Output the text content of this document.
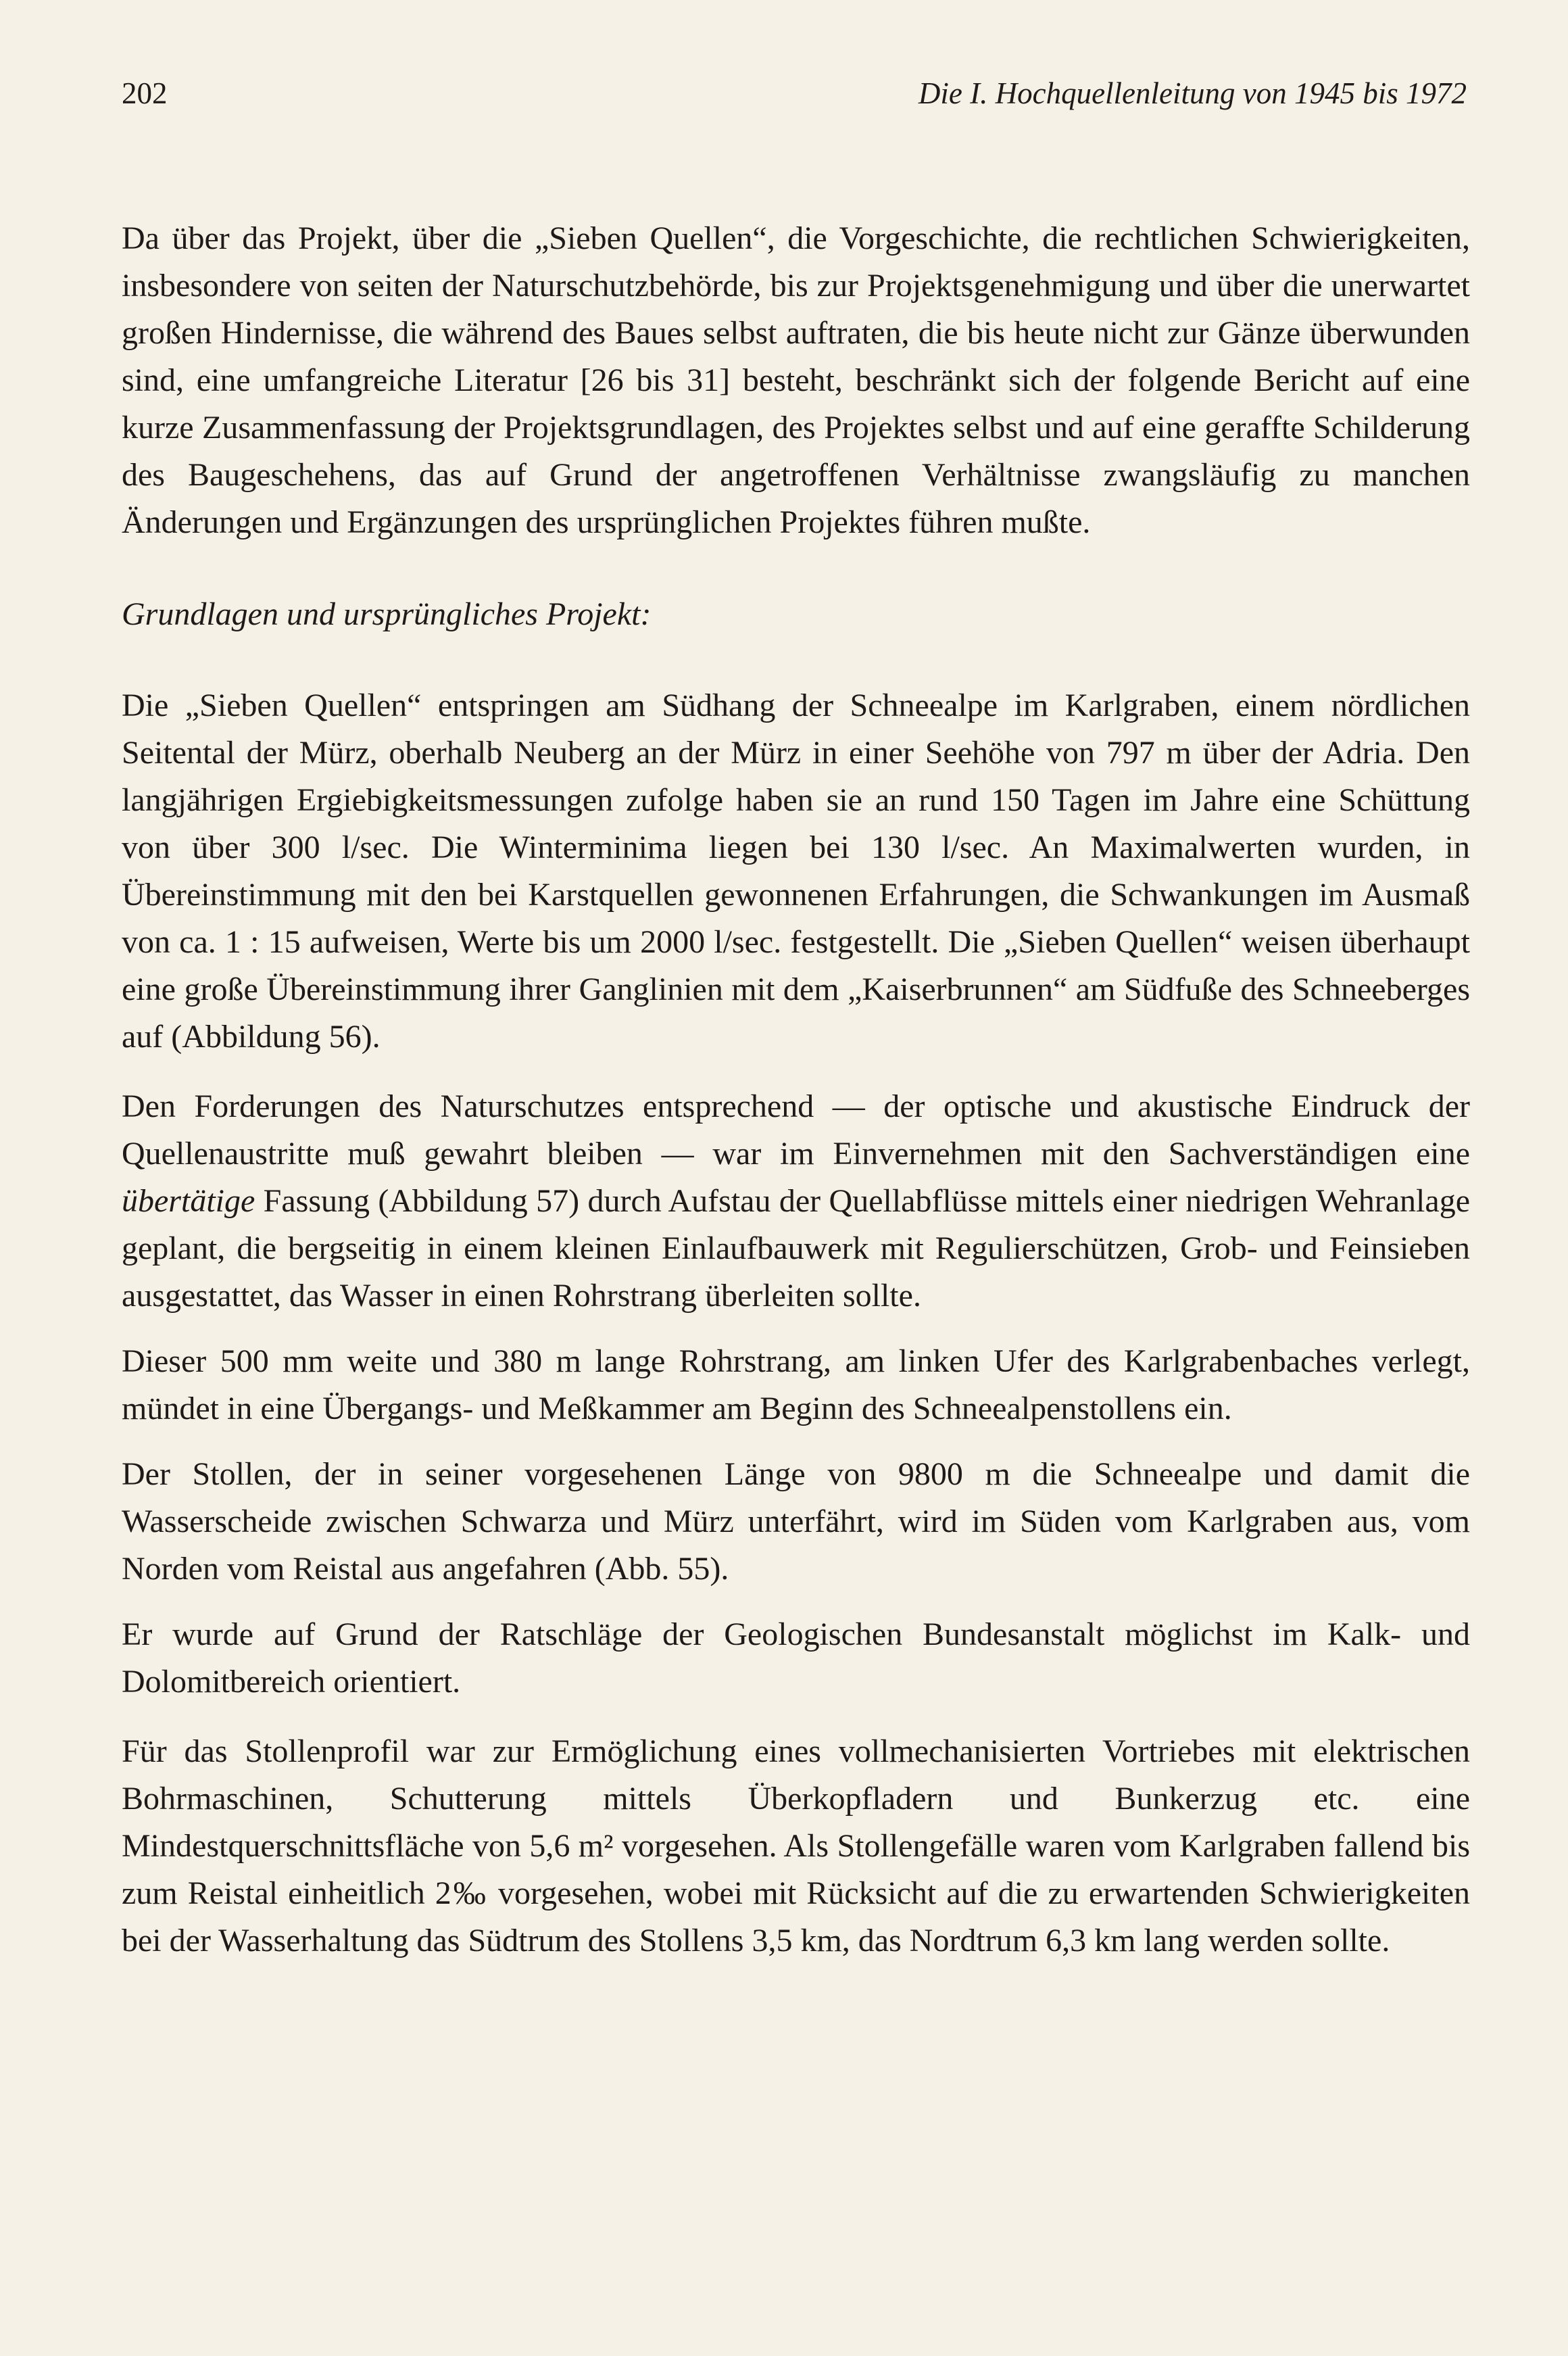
202	Die I. Hochquellenleitung von 1945 bis 1972

Da über das Projekt, über die „Sieben Quellen“, die Vorgeschichte, die rechtlichen Schwierigkeiten, insbesondere von seiten der Naturschutzbehörde, bis zur Projektsgenehmigung und über die unerwartet großen Hindernisse, die während des Baues selbst auftraten, die bis heute nicht zur Gänze überwunden sind, eine umfangreiche Literatur [26 bis 31] besteht, beschränkt sich der folgende Bericht auf eine kurze Zusammenfassung der Projektsgrundlagen, des Projektes selbst und auf eine geraffte Schilderung des Baugeschehens, das auf Grund der angetroffenen Verhältnisse zwangsläufig zu manchen Änderungen und Ergänzungen des ursprünglichen Projektes führen mußte.

Grundlagen und ursprüngliches Projekt:

Die „Sieben Quellen“ entspringen am Südhang der Schneealpe im Karlgraben, einem nördlichen Seitental der Mürz, oberhalb Neuberg an der Mürz in einer Seehöhe von 797 m über der Adria. Den langjährigen Ergiebigkeitsmessungen zufolge haben sie an rund 150 Tagen im Jahre eine Schüttung von über 300 l/sec. Die Winterminima liegen bei 130 l/sec. An Maximalwerten wurden, in Übereinstimmung mit den bei Karstquellen gewonnenen Erfahrungen, die Schwankungen im Ausmaß von ca. 1 : 15 aufweisen, Werte bis um 2000 l/sec. festgestellt. Die „Sieben Quellen“ weisen überhaupt eine große Übereinstimmung ihrer Ganglinien mit dem „Kaiserbrunnen“ am Südfuße des Schneeberges auf (Abbildung 56).

Den Forderungen des Naturschutzes entsprechend — der optische und akustische Eindruck der Quellenaustritte muß gewahrt bleiben — war im Einvernehmen mit den Sachverständigen eine übertätige Fassung (Abbildung 57) durch Aufstau der Quellabflüsse mittels einer niedrigen Wehranlage geplant, die bergseitig in einem kleinen Einlaufbauwerk mit Regulierschützen, Grob- und Feinsieben ausgestattet, das Wasser in einen Rohrstrang überleiten sollte.

Dieser 500 mm weite und 380 m lange Rohrstrang, am linken Ufer des Karlgrabenbaches verlegt, mündet in eine Übergangs- und Meßkammer am Beginn des Schneealpenstollens ein.

Der Stollen, der in seiner vorgesehenen Länge von 9800 m die Schneealpe und damit die Wasserscheide zwischen Schwarza und Mürz unterfährt, wird im Süden vom Karlgraben aus, vom Norden vom Reistal aus angefahren (Abb. 55).

Er wurde auf Grund der Ratschläge der Geologischen Bundesanstalt möglichst im Kalk- und Dolomitbereich orientiert.

Für das Stollenprofil war zur Ermöglichung eines vollmechanisierten Vortriebes mit elektrischen Bohrmaschinen, Schutterung mittels Überkopfladern und Bunkerzug etc. eine Mindestquerschnittsfläche von 5,6 m² vorgesehen. Als Stollengefälle waren vom Karlgraben fallend bis zum Reistal einheitlich 2‰ vorgesehen, wobei mit Rücksicht auf die zu erwartenden Schwierigkeiten bei der Wasserhaltung das Südtrum des Stollens 3,5 km, das Nordtrum 6,3 km lang werden sollte.
